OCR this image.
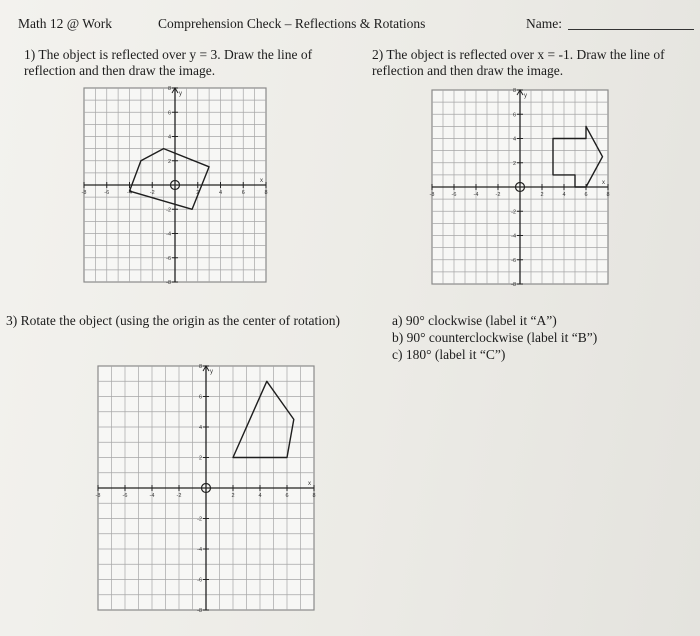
Math 12 @ Work	Comprehension Check – Reflections & Rotations	Name:
1) The object is reflected over y = 3. Draw the line of
reflection and then draw the image.
2) The object is reflected over x = -1. Draw the line of
reflection and then draw the image.
3) Rotate the object (using the origin as the center of rotation)	a) 90° clockwise (label it “A”)
b) 90° counterclockwise (label it “B”)
c) 180° (label it “C”)
y
x
-8	-6	-4	-2	2	4	6	8
8
6
4
2
-2
-4
-6
-8
y
x
-8	-6	-4	-2	2	4	6	8
8
6
4
2
-2
-4
-6
-8
y
x
-8	-6	-4	-2	2	4	6	8
8
6
4
2
-2
-4
-6
-8
